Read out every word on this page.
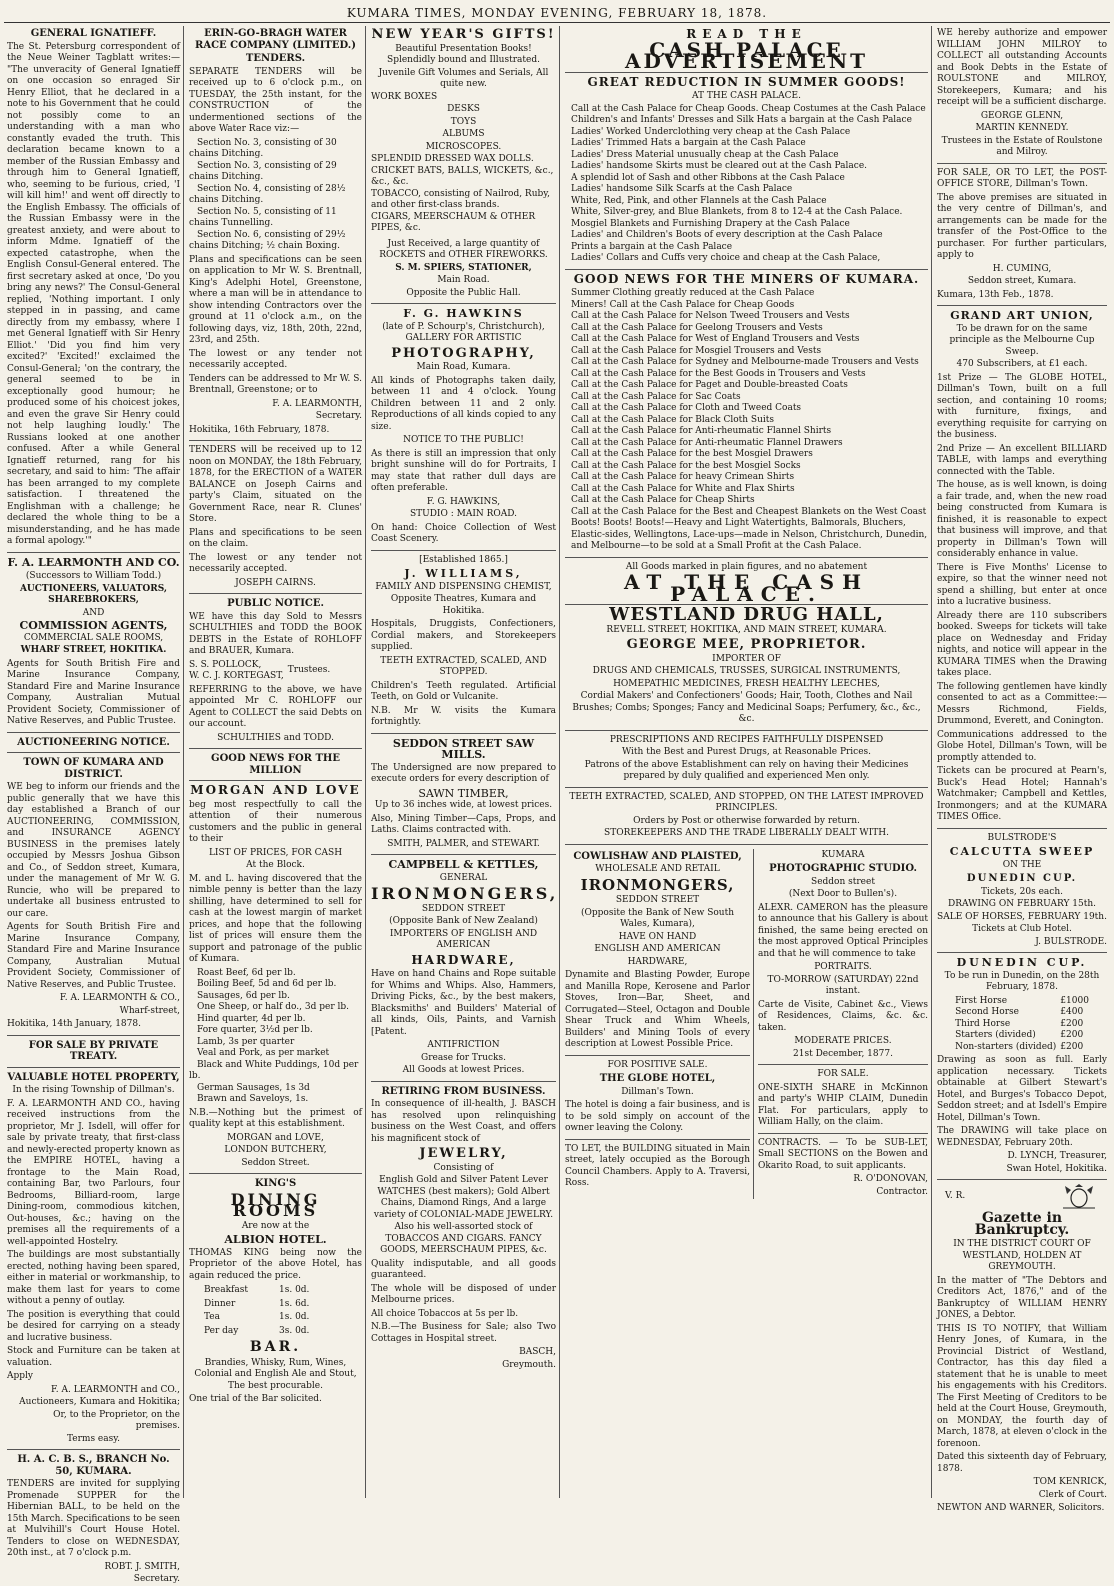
KUMARA TIMES, MONDAY EVENING, FEBRUARY 18, 1878.
GENERAL IGNATIEFF.
The St. Petersburg correspondent of the Neue Weiner Tagblatt writes:— "The unveracity of General Ignatieff on one occasion so enraged Sir Henry Elliot, that he declared in a note to his Government that he could not possibly come to an understanding with a man who constantly evaded the truth. This declaration became known to a member of the Russian Embassy and through him to General Ignatieff, who, seeming to be furious, cried, 'I will kill him!' and went off directly to the English Embassy. The officials of the Russian Embassy were in the greatest anxiety, and were about to inform Mdme. Ignatieff of the expected catastrophe, when the English Consul-General entered. The first secretary asked at once, 'Do you bring any news?' The Consul-General replied, 'Nothing important. I only stepped in in passing, and came directly from my embassy, where I met General Ignatieff with Sir Henry Elliot.' 'Did you find him very excited?' 'Excited!' exclaimed the Consul-General; 'on the contrary, the general seemed to be in exceptionally good humour; he produced some of his choicest jokes, and even the grave Sir Henry could not help laughing loudly.' The Russians looked at one another confused. After a while General Ignatieff returned, rang for his secretary, and said to him: 'The affair has been arranged to my complete satisfaction. I threatened the Englishman with a challenge; he declared the whole thing to be a misunderstanding, and he has made a formal apology.'"
F. A. LEARMONTH AND CO.
(Successors to William Todd.)
AUCTIONEERS, VALUATORS, SHAREBROKERS,
AND
COMMISSION AGENTS,
COMMERCIAL SALE ROOMS,
WHARF STREET, HOKITIKA.
Agents for South British Fire and Marine Insurance Company, Standard Fire and Marine Insurance Company, Australian Mutual Provident Society, Commissioner of Native Reserves, and Public Trustee.
AUCTIONEERING NOTICE.
TOWN OF KUMARA AND DISTRICT.
WE beg to inform our friends and the public generally that we have this day established a Branch of our AUCTIONEERING, COMMISSION, and INSURANCE AGENCY BUSINESS in the premises lately occupied by Messrs Joshua Gibson and Co., of Seddon street, Kumara, under the management of Mr W. G. Runcie, who will be prepared to undertake all business entrusted to our care.
Agents for South British Fire and Marine Insurance Company, Standard Fire and Marine Insurance Company, Australian Mutual Provident Society, Commissioner of Native Reserves, and Public Trustee.
F. A. LEARMONTH & CO.,
Wharf-street,
Hokitika, 14th January, 1878.
FOR SALE BY PRIVATE TREATY.
VALUABLE HOTEL PROPERTY,
In the rising Township of Dillman's.
F. A. LEARMONTH AND CO., having received instructions from the proprietor, Mr J. Isdell, will offer for sale by private treaty, that first-class and newly-erected property known as the EMPIRE HOTEL, having a frontage to the Main Road, containing Bar, two Parlours, four Bedrooms, Billiard-room, large Dining-room, commodious kitchen, Out-houses, &c.; having on the premises all the requirements of a well-appointed Hostelry.
The buildings are most substantially erected, nothing having been spared, either in material or workmanship, to make them last for years to come without a penny of outlay.
The position is everything that could be desired for carrying on a steady and lucrative business.
Stock and Furniture can be taken at valuation.
Apply
F. A. LEARMONTH and CO.,
Auctioneers, Kumara and Hokitika;
Or, to the Proprietor, on the premises.
Terms easy.
H. A. C. B. S., BRANCH No. 50, KUMARA.
TENDERS are invited for supplying Promenade SUPPER for the Hibernian BALL, to be held on the 15th March. Specifications to be seen at Mulvihill's Court House Hotel. Tenders to close on WEDNESDAY, 20th inst., at 7 o'clock p.m.
ROBT. J. SMITH,
Secretary.
ERIN-GO-BRAGH WATER RACE COMPANY (LIMITED.)
TENDERS.
SEPARATE TENDERS will be received up to 6 o'clock p.m., on TUESDAY, the 25th instant, for the CONSTRUCTION of the undermentioned sections of the above Water Race viz:—
Section No. 3, consisting of 30 chains Ditching.
Section No. 3, consisting of 29 chains Ditching.
Section No. 4, consisting of 28½ chains Ditching.
Section No. 5, consisting of 11 chains Tunnelling.
Section No. 6, consisting of 29½ chains Ditching; ½ chain Boxing.
Plans and specifications can be seen on application to Mr W. S. Brentnall, King's Adelphi Hotel, Greenstone, where a man will be in attendance to show intending Contractors over the ground at 11 o'clock a.m., on the following days, viz, 18th, 20th, 22nd, 23rd, and 25th.
The lowest or any tender not necessarily accepted.
Tenders can be addressed to Mr W. S. Brentnall, Greenstone; or to
F. A. LEARMONTH,
Secretary.
Hokitika, 16th February, 1878.
TENDERS will be received up to 12 noon on MONDAY, the 18th February, 1878, for the ERECTION of a WATER BALANCE on Joseph Cairns and party's Claim, situated on the Government Race, near R. Clunes' Store.
Plans and specifications to be seen on the claim.
The lowest or any tender not necessarily accepted.
JOSEPH CAIRNS.
PUBLIC NOTICE.
WE have this day Sold to Messrs SCHULTHIES and TODD the BOOK DEBTS in the Estate of ROHLOFF and BRAUER, Kumara.
S. S. POLLOCK,
W. C. J. KORTEGAST,
Trustees.
REFERRING to the above, we have appointed Mr C. ROHLOFF our Agent to COLLECT the said Debts on our account.
SCHULTHIES and TODD.
GOOD NEWS FOR THE MILLION
MORGAN AND LOVE
beg most respectfully to call the attention of their numerous customers and the public in general to their
LIST OF PRICES, FOR CASH
At the Block.
M. and L. having discovered that the nimble penny is better than the lazy shilling, have determined to sell for cash at the lowest margin of market prices, and hope that the following list of prices will ensure them the support and patronage of the public of Kumara.
Roast Beef, 6d per lb.
Boiling Beef, 5d and 6d per lb.
Sausages, 6d per lb.
One Sheep, or half do., 3d per lb.
Hind quarter, 4d per lb.
Fore quarter, 3½d per lb.
Lamb, 3s per quarter
Veal and Pork, as per market
Black and White Puddings, 10d per lb.
German Sausages, 1s 3d
Brawn and Saveloys, 1s.
N.B.—Nothing but the primest of quality kept at this establishment.
MORGAN and LOVE,
LONDON BUTCHERY,
Seddon Street.
KING'S
DINING ROOMS
Are now at the
ALBION HOTEL.
THOMAS KING being now the Proprietor of the above Hotel, has again reduced the price.
Breakfast	1s. 0d.
Dinner	1s. 6d.
Tea	1s. 0d.
Per day	3s. 0d.
BAR.
Brandies, Whisky, Rum, Wines, Colonial and English Ale and Stout, The best procurable.
One trial of the Bar solicited.
NEW YEAR'S GIFTS!
Beautiful Presentation Books! Splendidly bound and Illustrated.
Juvenile Gift Volumes and Serials, All quite new.
WORK BOXES
DESKS
TOYS
ALBUMS
MICROSCOPES.
SPLENDID DRESSED WAX DOLLS.
CRICKET BATS, BALLS, WICKETS, &c., &c., &c.
TOBACCO, consisting of Nailrod, Ruby, and other first-class brands.
CIGARS, MEERSCHAUM & OTHER PIPES, &c.
Just Received, a large quantity of ROCKETS and OTHER FIREWORKS.
S. M. SPIERS, STATIONER,
Main Road.
Opposite the Public Hall.
F. G. HAWKINS
(late of P. Schourp's, Christchurch), GALLERY FOR ARTISTIC
PHOTOGRAPHY,
Main Road, Kumara.
All kinds of Photographs taken daily, between 11 and 4 o'clock. Young Children between 11 and 2 only. Reproductions of all kinds copied to any size.
NOTICE TO THE PUBLIC!
As there is still an impression that only bright sunshine will do for Portraits, I may state that rather dull days are often preferable.
F. G. HAWKINS,
STUDIO : MAIN ROAD.
On hand: Choice Collection of West Coast Scenery.
[Established 1865.]
J. WILLIAMS,
FAMILY AND DISPENSING CHEMIST,
Opposite Theatres, Kumara and Hokitika.
Hospitals, Druggists, Confectioners, Cordial makers, and Storekeepers supplied.
TEETH EXTRACTED, SCALED, AND STOPPED.
Children's Teeth regulated. Artificial Teeth, on Gold or Vulcanite.
N.B. Mr W. visits the Kumara fortnightly.
SEDDON STREET SAW MILLS.
The Undersigned are now prepared to execute orders for every description of
SAWN TIMBER,
Up to 36 inches wide, at lowest prices.
Also, Mining Timber—Caps, Props, and Laths. Claims contracted with.
SMITH, PALMER, and STEWART.
CAMPBELL & KETTLES,
GENERAL
IRONMONGERS,
SEDDON STREET
(Opposite Bank of New Zealand)
IMPORTERS OF ENGLISH AND AMERICAN
HARDWARE,
Have on hand Chains and Rope suitable for Whims and Whips. Also, Hammers, Driving Picks, &c., by the best makers, Blacksmiths' and Builders' Material of all kinds, Oils, Paints, and Varnish [Patent.
ANTIFRICTION
Grease for Trucks.
All Goods at lowest Prices.
RETIRING FROM BUSINESS.
In consequence of ill-health, J. BASCH has resolved upon relinquishing business on the West Coast, and offers his magnificent stock of
JEWELRY,
Consisting of
English Gold and Silver Patent Lever WATCHES (best makers); Gold Albert Chains, Diamond Rings, And a large variety of COLONIAL-MADE JEWELRY.
Also his well-assorted stock of TOBACCOS AND CIGARS. FANCY GOODS, MEERSCHAUM PIPES, &c.
Quality indisputable, and all goods guaranteed.
The whole will be disposed of under Melbourne prices.
All choice Tobaccos at 5s per lb.
N.B.—The Business for Sale; also Two Cottages in Hospital street.
BASCH,
Greymouth.
READ THE
CASH PALACE ADVERTISEMENT
GREAT REDUCTION IN SUMMER GOODS!
AT THE CASH PALACE.
Call at the Cash Palace for Cheap Goods. Cheap Costumes at the Cash Palace
Children's and Infants' Dresses and Silk Hats a bargain at the Cash Palace
Ladies' Worked Underclothing very cheap at the Cash Palace
Ladies' Trimmed Hats a bargain at the Cash Palace
Ladies' Dress Material unusually cheap at the Cash Palace
Ladies' handsome Skirts must be cleared out at the Cash Palace.
A splendid lot of Sash and other Ribbons at the Cash Palace
Ladies' handsome Silk Scarfs at the Cash Palace
White, Red, Pink, and other Flannels at the Cash Palace
White, Silver-grey, and Blue Blankets, from 8 to 12-4 at the Cash Palace.
Mosgiel Blankets and Furnishing Drapery at the Cash Palace
Ladies' and Children's Boots of every description at the Cash Palace
Prints a bargain at the Cash Palace
Ladies' Collars and Cuffs very choice and cheap at the Cash Palace,
GOOD NEWS FOR THE MINERS OF KUMARA.
Summer Clothing greatly reduced at the Cash Palace
Miners! Call at the Cash Palace for Cheap Goods
Call at the Cash Palace for Nelson Tweed Trousers and Vests
Call at the Cash Palace for Geelong Trousers and Vests
Call at the Cash Palace for West of England Trousers and Vests
Call at the Cash Palace for Mosgiel Trousers and Vests
Call at the Cash Palace for Sydney and Melbourne-made Trousers and Vests
Call at the Cash Palace for the Best Goods in Trousers and Vests
Call at the Cash Palace for Paget and Double-breasted Coats
Call at the Cash Palace for Sac Coats
Call at the Cash Palace for Cloth and Tweed Coats
Call at the Cash Palace for Black Cloth Suits
Call at the Cash Palace for Anti-rheumatic Flannel Shirts
Call at the Cash Palace for Anti-rheumatic Flannel Drawers
Call at the Cash Palace for the best Mosgiel Drawers
Call at the Cash Palace for the best Mosgiel Socks
Call at the Cash Palace for heavy Crimean Shirts
Call at the Cash Palace for White and Flax Shirts
Call at the Cash Palace for Cheap Shirts
Call at the Cash Palace for the Best and Cheapest Blankets on the West Coast
Boots! Boots! Boots!—Heavy and Light Watertights, Balmorals, Bluchers, Elastic-sides, Wellingtons, Lace-ups—made in Nelson, Christchurch, Dunedin, and Melbourne—to be sold at a Small Profit at the Cash Palace.
All Goods marked in plain figures, and no abatement
AT THE CASH PALACE.
WESTLAND DRUG HALL,
REVELL STREET, HOKITIKA, AND MAIN STREET, KUMARA.
GEORGE MEE, PROPRIETOR.
IMPORTER OF
DRUGS AND CHEMICALS, TRUSSES, SURGICAL INSTRUMENTS,
HOMEPATHIC MEDICINES, FRESH HEALTHY LEECHES,
Cordial Makers' and Confectioners' Goods; Hair, Tooth, Clothes and Nail Brushes; Combs; Sponges; Fancy and Medicinal Soaps; Perfumery, &c., &c., &c.
PRESCRIPTIONS AND RECIPES FAITHFULLY DISPENSED
With the Best and Purest Drugs, at Reasonable Prices.
Patrons of the above Establishment can rely on having their Medicines prepared by duly qualified and experienced Men only.
TEETH EXTRACTED, SCALED, AND STOPPED, ON THE LATEST IMPROVED PRINCIPLES.
Orders by Post or otherwise forwarded by return.
STOREKEEPERS AND THE TRADE LIBERALLY DEALT WITH.
COWLISHAW AND PLAISTED,
WHOLESALE AND RETAIL
IRONMONGERS,
SEDDON STREET
(Opposite the Bank of New South Wales, Kumara),
HAVE ON HAND
ENGLISH AND AMERICAN
HARDWARE,
Dynamite and Blasting Powder, Europe and Manilla Rope, Kerosene and Parlor Stoves, Iron—Bar, Sheet, and Corrugated—Steel, Octagon and Double Shear Truck and Whim Wheels, Builders' and Mining Tools of every description at Lowest Possible Price.
FOR POSITIVE SALE.
THE GLOBE HOTEL,
Dillman's Town.
The hotel is doing a fair business, and is to be sold simply on account of the owner leaving the Colony.
TO LET, the BUILDING situated in Main street, lately occupied as the Borough Council Chambers. Apply to A. Traversi, Ross.
KUMARA
PHOTOGRAPHIC STUDIO.
Seddon street
(Next Door to Bullen's).
ALEXR. CAMERON has the pleasure to announce that his Gallery is about finished, the same being erected on the most approved Optical Principles and that he will commence to take
PORTRAITS.
TO-MORROW (SATURDAY) 22nd instant.
Carte de Visite, Cabinet &c., Views of Residences, Claims, &c. &c. taken.
MODERATE PRICES.
21st December, 1877.
FOR SALE.
ONE-SIXTH SHARE in McKinnon and party's WHIP CLAIM, Dunedin Flat. For particulars, apply to William Hally, on the claim.
CONTRACTS. — To be SUB-LET, Small SECTIONS on the Bowen and Okarito Road, to suit applicants.
R. O'DONOVAN,
Contractor.
WE hereby authorize and empower WILLIAM JOHN MILROY to COLLECT all outstanding Accounts and Book Debts in the Estate of ROULSTONE and MILROY, Storekeepers, Kumara; and his receipt will be a sufficient discharge.
GEORGE GLENN,
MARTIN KENNEDY.
Trustees in the Estate of Roulstone and Milroy.
FOR SALE, OR TO LET, the POST-OFFICE STORE, Dillman's Town.
The above premises are situated in the very centre of Dillman's, and arrangements can be made for the transfer of the Post-Office to the purchaser. For further particulars, apply to
H. CUMING,
Seddon street, Kumara.
Kumara, 13th Feb., 1878.
GRAND ART UNION,
To be drawn for on the same principle as the Melbourne Cup Sweep.
470 Subscribers, at £1 each.
1st Prize — The GLOBE HOTEL, Dillman's Town, built on a full section, and containing 10 rooms; with furniture, fixings, and everything requisite for carrying on the business.
2nd Prize — An excellent BILLIARD TABLE, with lamps and everything connected with the Table.
The house, as is well known, is doing a fair trade, and, when the new road being constructed from Kumara is finished, it is reasonable to expect that business will improve, and that property in Dillman's Town will considerably enhance in value.
There is Five Months' License to expire, so that the winner need not spend a shilling, but enter at once into a lucrative business.
Already there are 110 subscribers booked. Sweeps for tickets will take place on Wednesday and Friday nights, and notice will appear in the KUMARA TIMES when the Drawing takes place.
The following gentlemen have kindly consented to act as a Committee:— Messrs Richmond, Fields, Drummond, Everett, and Conington.
Communications addressed to the Globe Hotel, Dillman's Town, will be promptly attended to.
Tickets can be procured at Pearn's, Buck's Head Hotel; Hannah's Watchmaker; Campbell and Kettles, Ironmongers; and at the KUMARA TIMES Office.
BULSTRODE'S
CALCUTTA SWEEP
ON THE
DUNEDIN CUP.
Tickets, 20s each.
DRAWING ON FEBRUARY 15th.
SALE OF HORSES, FEBRUARY 19th.
Tickets at Club Hotel.
J. BULSTRODE.
DUNEDIN CUP.
To be run in Dunedin, on the 28th February, 1878.
First Horse	£1000
Second Horse	£400
Third Horse	£200
Starters (divided)	£200
Non-starters (divided)	£200
Drawing as soon as full. Early application necessary. Tickets obtainable at Gilbert Stewart's Hotel, and Burges's Tobacco Depot, Seddon street; and at Isdell's Empire Hotel, Dillman's Town.
The DRAWING will take place on WEDNESDAY, February 20th.
D. LYNCH, Treasurer,
Swan Hotel, Hokitika.
V. R.
Gazette in Bankruptcy.
IN THE DISTRICT COURT OF WESTLAND, HOLDEN AT GREYMOUTH.
In the matter of "The Debtors and Creditors Act, 1876," and of the Bankruptcy of WILLIAM HENRY JONES, a Debtor.
THIS IS TO NOTIFY, that William Henry Jones, of Kumara, in the Provincial District of Westland, Contractor, has this day filed a statement that he is unable to meet his engagements with his Creditors. The First Meeting of Creditors to be held at the Court House, Greymouth, on MONDAY, the fourth day of March, 1878, at eleven o'clock in the forenoon.
Dated this sixteenth day of February, 1878.
TOM KENRICK,
Clerk of Court.
NEWTON AND WARNER, Solicitors.
